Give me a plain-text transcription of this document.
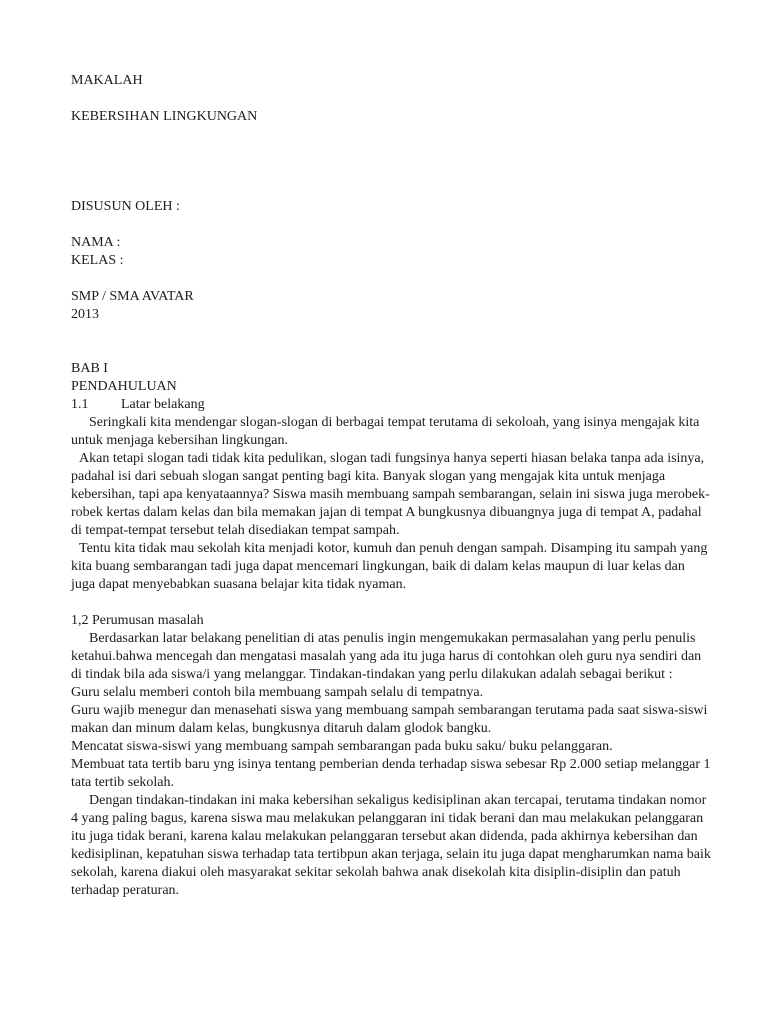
MAKALAH
KEBERSIHAN LINGKUNGAN
DISUSUN OLEH :
NAMA :
KELAS :
SMP / SMA AVATAR
2013
BAB I
PENDAHULUAN
1.1 Latar belakang

Seringkali kita mendengar slogan-slogan di berbagai tempat terutama di sekoloah, yang isinya mengajak kita untuk menjaga kebersihan lingkungan.

Akan tetapi slogan tadi tidak kita pedulikan, slogan tadi fungsinya hanya seperti hiasan belaka tanpa ada isinya, padahal isi dari sebuah slogan sangat penting bagi kita. Banyak slogan yang mengajak kita untuk menjaga kebersihan, tapi apa kenyataannya? Siswa masih membuang sampah sembarangan, selain ini siswa juga merobek-robek kertas dalam kelas dan bila memakan jajan di tempat A bungkusnya dibuangnya juga di tempat A, padahal di tempat-tempat tersebut telah disediakan tempat sampah.

Tentu kita tidak mau sekolah kita menjadi kotor, kumuh dan penuh dengan sampah. Disamping itu sampah yang kita buang sembarangan tadi juga dapat mencemari lingkungan, baik di dalam kelas maupun di luar kelas dan juga dapat menyebabkan suasana belajar kita tidak nyaman.

1,2 Perumusan masalah

Berdasarkan latar belakang penelitian di atas penulis ingin mengemukakan permasalahan yang perlu penulis ketahui.bahwa mencegah dan mengatasi masalah yang ada itu juga harus di contohkan oleh guru nya sendiri dan di tindak bila ada siswa/i yang melanggar. Tindakan-tindakan yang perlu dilakukan adalah sebagai berikut :

Guru selalu memberi contoh bila membuang sampah selalu di tempatnya.

Guru wajib menegur dan menasehati siswa yang membuang sampah sembarangan terutama pada saat siswa-siswi makan dan minum dalam kelas, bungkusnya ditaruh dalam glodok bangku.

Mencatat siswa-siswi yang membuang sampah sembarangan pada buku saku/ buku pelanggaran.

Membuat tata tertib baru yng isinya tentang pemberian denda terhadap siswa sebesar Rp 2.000 setiap melanggar 1 tata tertib sekolah.

Dengan tindakan-tindakan ini maka kebersihan sekaligus kedisiplinan akan tercapai, terutama tindakan nomor 4 yang paling bagus, karena siswa mau melakukan pelanggaran ini tidak berani dan mau melakukan pelanggaran itu juga tidak berani, karena kalau melakukan pelanggaran tersebut akan didenda, pada akhirnya kebersihan dan kedisiplinan, kepatuhan siswa terhadap tata tertibpun akan terjaga, selain itu juga dapat mengharumkan nama baik sekolah, karena diakui oleh masyarakat sekitar sekolah bahwa anak disekolah kita disiplin-disiplin dan patuh terhadap peraturan.
